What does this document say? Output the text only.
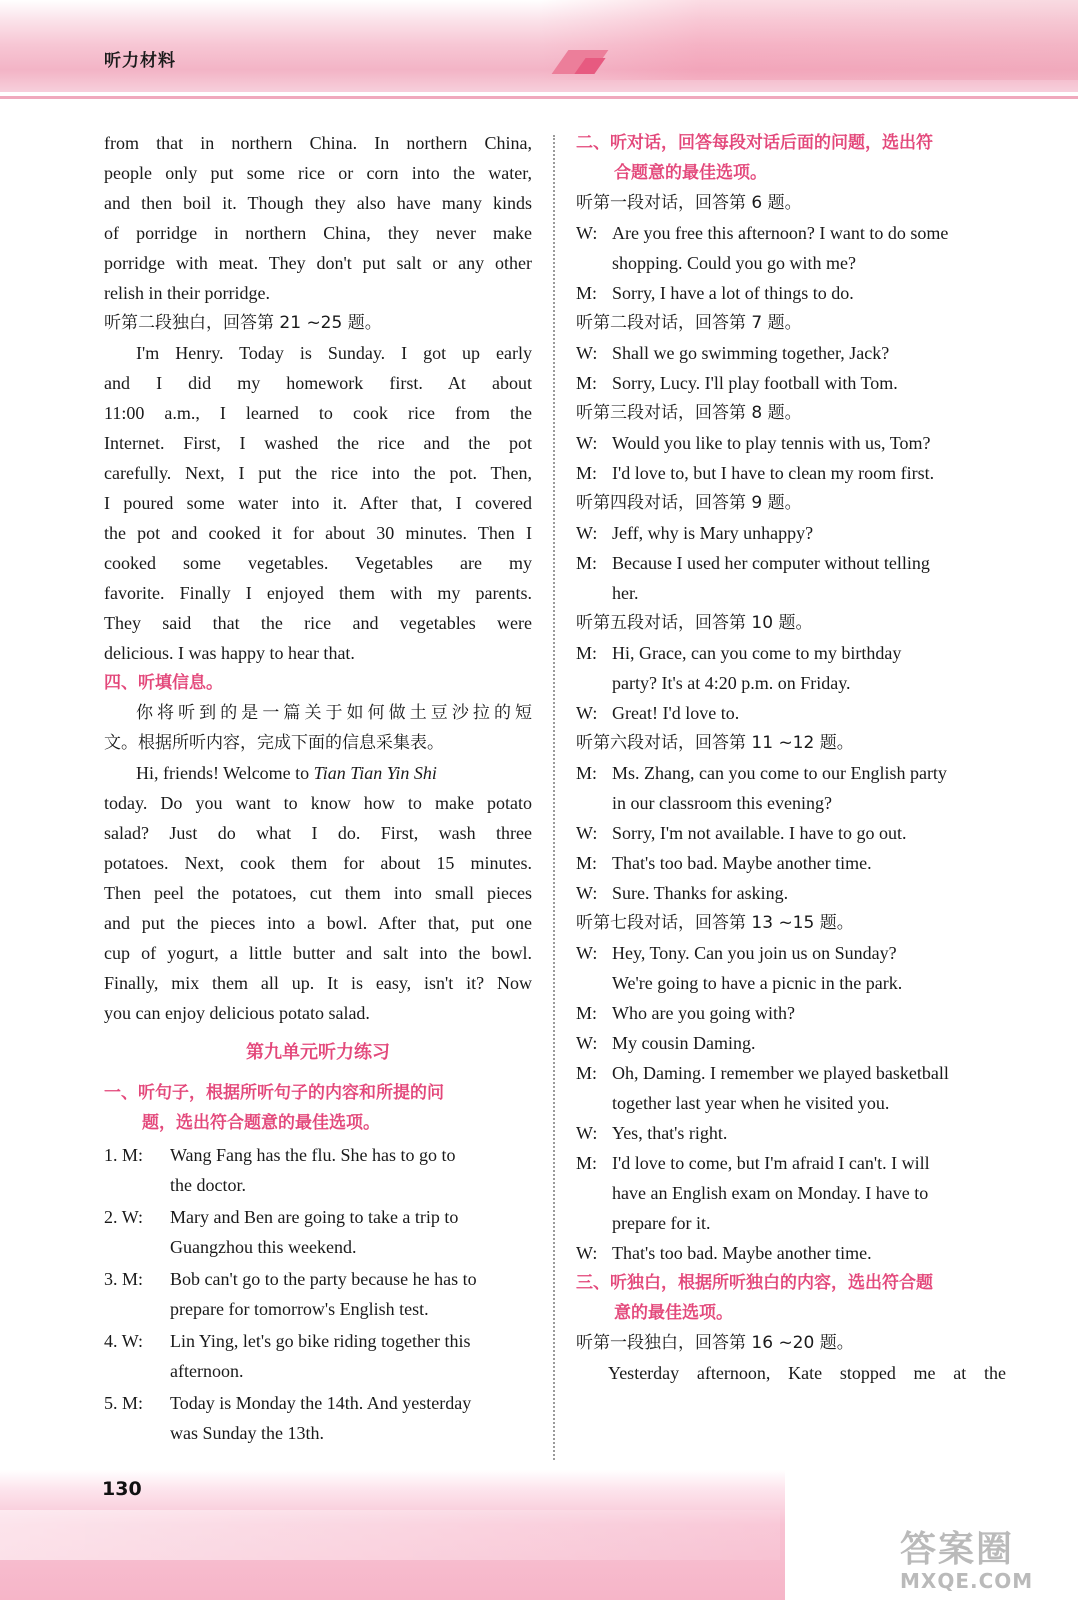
听力材料

from that in northern China. In northern China,

people only put some rice or corn into the water,

and then boil it. Though they also have many kinds

of porridge in northern China, they never make

porridge with meat. They don't put salt or any other

relish in their porridge.

听第二段独白，回答第 21 ~25 题。

I'm Henry. Today is Sunday. I got up early

and I did my homework first. At about

11:00 a.m., I learned to cook rice from the

Internet. First, I washed the rice and the pot

carefully. Next, I put the rice into the pot. Then,

I poured some water into it. After that, I covered

the pot and cooked it for about 30 minutes. Then I

cooked some vegetables. Vegetables are my

favorite. Finally I enjoyed them with my parents.

They said that the rice and vegetables were

delicious. I was happy to hear that.

四、听填信息。

你将听到的是一篇关于如何做土豆沙拉的短

文。根据所听内容，完成下面的信息采集表。

Hi, friends! Welcome to Tian Tian Yin Shi

today. Do you want to know how to make potato

salad? Just do what I do. First, wash three

potatoes. Next, cook them for about 15 minutes.

Then peel the potatoes, cut them into small pieces

and put the pieces into a bowl. After that, put one

cup of yogurt, a little butter and salt into the bowl.

Finally, mix them all up. It is easy, isn't it? Now

you can enjoy delicious potato salad.

第九单元听力练习

一、听句子，根据所听句子的内容和所提的问

题，选出符合题意的最佳选项。

1. M: Wang Fang has the flu. She has to go to

the doctor.

2. W: Mary and Ben are going to take a trip to

Guangzhou this weekend.

3. M: Bob can't go to the party because he has to

prepare for tomorrow's English test.

4. W: Lin Ying, let's go bike riding together this

afternoon.

5. M: Today is Monday the 14th. And yesterday

was Sunday the 13th.

二、听对话，回答每段对话后面的问题，选出符

合题意的最佳选项。

听第一段对话，回答第 6 题。

W: Are you free this afternoon? I want to do some

shopping. Could you go with me?

M: Sorry, I have a lot of things to do.

听第二段对话，回答第 7 题。

W: Shall we go swimming together, Jack?

M: Sorry, Lucy. I'll play football with Tom.

听第三段对话，回答第 8 题。

W: Would you like to play tennis with us, Tom?

M: I'd love to, but I have to clean my room first.

听第四段对话，回答第 9 题。

W: Jeff, why is Mary unhappy?

M: Because I used her computer without telling

her.

听第五段对话，回答第 10 题。

M: Hi, Grace, can you come to my birthday

party? It's at 4:20 p.m. on Friday.

W: Great! I'd love to.

听第六段对话，回答第 11 ~12 题。

M: Ms. Zhang, can you come to our English party

in our classroom this evening?

W: Sorry, I'm not available. I have to go out.

M: That's too bad. Maybe another time.

W: Sure. Thanks for asking.

听第七段对话，回答第 13 ~15 题。

W: Hey, Tony. Can you join us on Sunday?

We're going to have a picnic in the park.

M: Who are you going with?

W: My cousin Daming.

M: Oh, Daming. I remember we played basketball

together last year when he visited you.

W: Yes, that's right.

M: I'd love to come, but I'm afraid I can't. I will

have an English exam on Monday. I have to

prepare for it.

W: That's too bad. Maybe another time.

三、听独白，根据所听独白的内容，选出符合题

意的最佳选项。

听第一段独白，回答第 16 ~20 题。

Yesterday afternoon, Kate stopped me at the

130
答案圈
MXQE.COM
